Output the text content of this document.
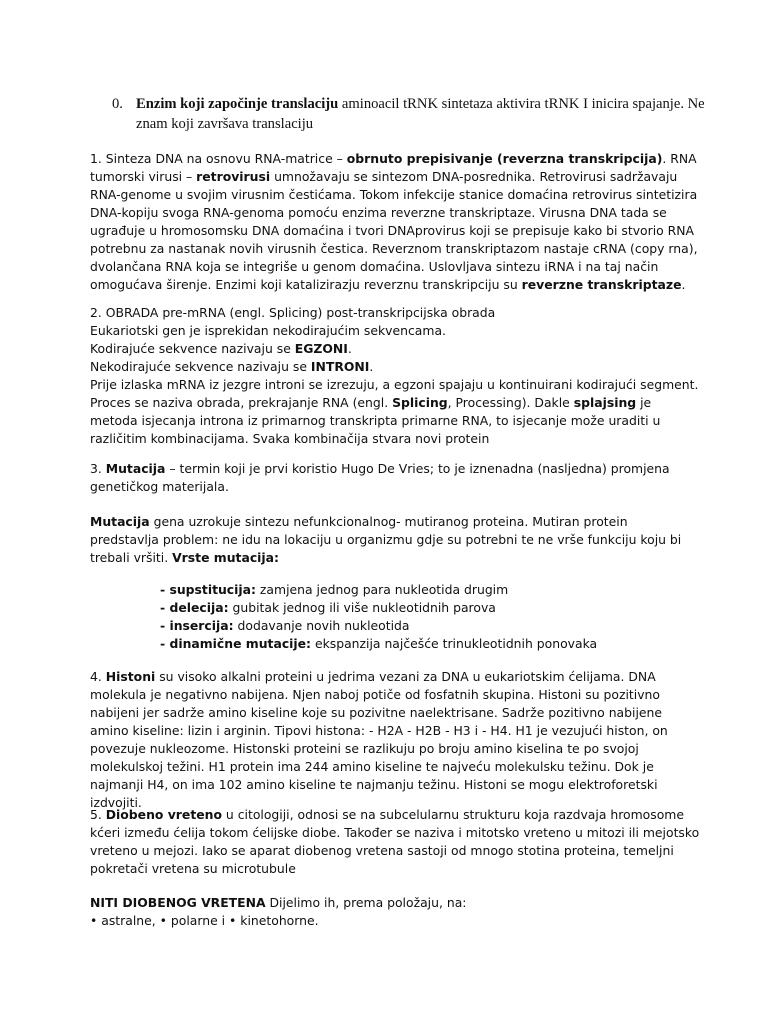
0. Enzim koji započinje translaciju aminoacil tRNK sintetaza aktivira tRNK I inicira spajanje. Ne znam koji završava translaciju

1. Sinteza DNA na osnovu RNA-matrice – obrnuto prepisivanje (reverzna transkripcija). RNA tumorski virusi – retrovirusi umnožavaju se sintezom DNA-posrednika. Retrovirusi sadržavaju RNA-genome u svojim virusnim čestićama. Tokom infekcije stanice domaćina retrovirus sintetizira DNA-kopiju svoga RNA-genoma pomoću enzima reverzne transkriptaze. Virusna DNA tada se ugrađuje u hromosomsku DNA domaćina i tvori DNAprovirus koji se prepisuje kako bi stvorio RNA potrebnu za nastanak novih virusnih čestica. Reverznom transkriptazom nastaje cRNA (copy rna), dvolančana RNA koja se integriše u genom domaćina. Uslovljava sintezu iRNA i na taj način omogućava širenje. Enzimi koji katalizirazju reverznu transkripciju su reverzne transkriptaze.

2. OBRADA pre-mRNA (engl. Splicing) post-transkripcijska obrada
Eukariotski gen je isprekidan nekodirajućim sekvencama.
Kodirajuće sekvence nazivaju se EGZONI.
Nekodirajuće sekvence nazivaju se INTRONI.
Prije izlaska mRNA iz jezgre introni se izrezuju, a egzoni spajaju u kontinuirani kodirajući segment. Proces se naziva obrada, prekrajanje RNA (engl. Splicing, Processing). Dakle splajsing je metoda isjecanja introna iz primarnog transkripta primarne RNA, to isjecanje može uraditi u različitim kombinacijama. Svaka kombinačija stvara novi protein

3. Mutacija – termin koji je prvi koristio Hugo De Vries; to je iznenadna (nasljedna) promjena genetičkog materijala.

Mutacija gena uzrokuje sintezu nefunkcionalnog- mutiranog proteina. Mutiran protein predstavlja problem: ne idu na lokaciju u organizmu gdje su potrebni te ne vrše funkciju koju bi trebali vršiti. Vrste mutacija:

- supstitucija: zamjena jednog para nukleotida drugim
- delecija: gubitak jednog ili više nukleotidnih parova
- insercija: dodavanje novih nukleotida
- dinamične mutacije: ekspanzija najčešće trinukleotidnih ponovaka

4. Histoni su visoko alkalni proteini u jedrima vezani za DNA u eukariotskim ćelijama. DNA molekula je negativno nabijena. Njen naboj potiče od fosfatnih skupina. Histoni su pozitivno nabijeni jer sadrže amino kiseline koje su pozivitne naelektrisane. Sadrže pozitivno nabijene amino kiseline: lizin i arginin. Tipovi histona: - H2A - H2B - H3 i - H4. H1 je vezujući histon, on povezuje nukleozome. Histonski proteini se razlikuju po broju amino kiselina te po svojoj molekulskoj težini. H1 protein ima 244 amino kiseline te najveću molekulsku težinu. Dok je najmanji H4, on ima 102 amino kiseline te najmanju težinu. Histoni se mogu elektroforetski izdvojiti.

5. Diobeno vreteno u citologiji, odnosi se na subcelularnu strukturu koja razdvaja hromosome kćeri između ćelija tokom ćelijske diobe. Također se naziva i mitotsko vreteno u mitozi ili mejotsko vreteno u mejozi. Iako se aparat diobenog vretena sastoji od mnogo stotina proteina, temeljni pokretači vretena su microtubule

NITI DIOBENOG VRETENA Dijelimo ih, prema položaju, na:
• astralne, • polarne i • kinetohorne.
